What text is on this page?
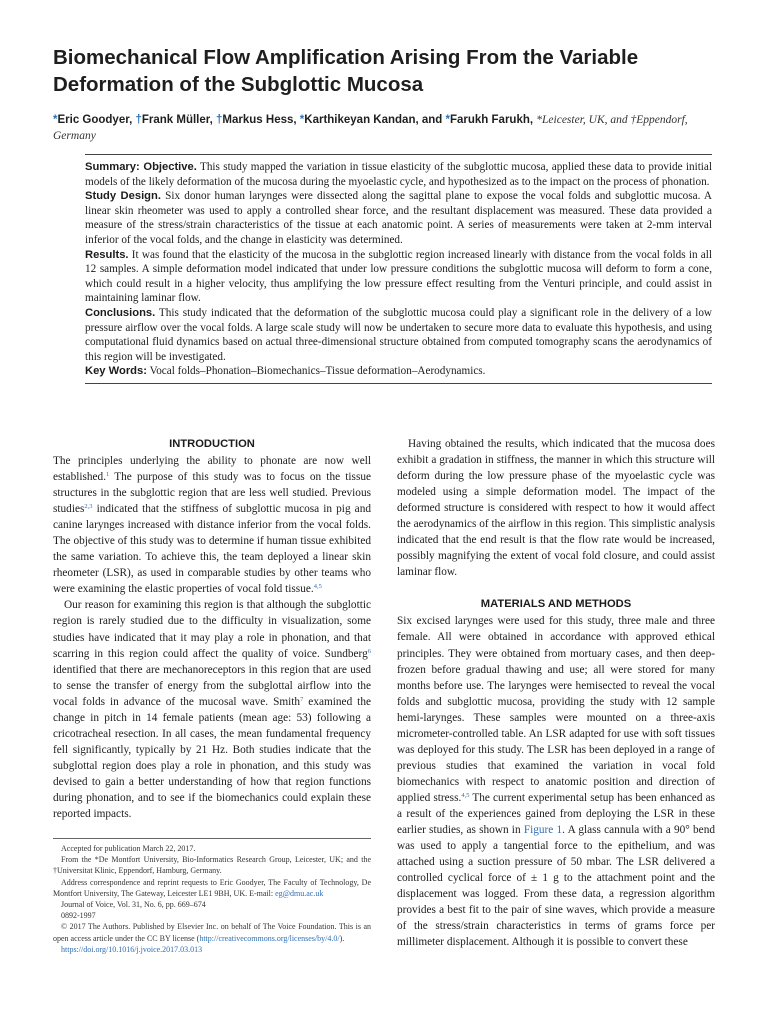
Biomechanical Flow Amplification Arising From the Variable Deformation of the Subglottic Mucosa
*Eric Goodyer, †Frank Müller, †Markus Hess, *Karthikeyan Kandan, and *Farukh Farukh, *Leicester, UK, and †Eppendorf, Germany

Summary: Objective. This study mapped the variation in tissue elasticity of the subglottic mucosa, applied these data to provide initial models of the likely deformation of the mucosa during the myoelastic cycle, and hypothesized as to the impact on the process of phonation.

Study Design. Six donor human larynges were dissected along the sagittal plane to expose the vocal folds and subglottic mucosa. A linear skin rheometer was used to apply a controlled shear force, and the resultant displacement was measured. These data provided a measure of the stress/strain characteristics of the tissue at each anatomic point. A series of measurements were taken at 2-mm interval inferior of the vocal folds, and the change in elasticity was determined.

Results. It was found that the elasticity of the mucosa in the subglottic region increased linearly with distance from the vocal folds in all 12 samples. A simple deformation model indicated that under low pressure conditions the subglottic mucosa will deform to form a cone, which could result in a higher velocity, thus amplifying the low pressure effect resulting from the Venturi principle, and could assist in maintaining laminar flow.

Conclusions. This study indicated that the deformation of the subglottic mucosa could play a significant role in the delivery of a low pressure airflow over the vocal folds. A large scale study will now be undertaken to secure more data to evaluate this hypothesis, and using computational fluid dynamics based on actual three-dimensional structure obtained from computed tomography scans the aerodynamics of this region will be investigated.

Key Words: Vocal folds–Phonation–Biomechanics–Tissue deformation–Aerodynamics.

INTRODUCTION

The principles underlying the ability to phonate are now well established.$^1$ The purpose of this study was to focus on the tissue structures in the subglottic region that are less well studied. Previous studies$^{2,3}$ indicated that the stiffness of subglottic mucosa in pig and canine larynges increased with distance inferior from the vocal folds. The objective of this study was to determine if human tissue exhibited the same variation. To achieve this, the team deployed a linear skin rheometer (LSR), as used in comparable studies by other teams who were examining the elastic properties of vocal fold tissue.$^{4,5}$

Our reason for examining this region is that although the subglottic region is rarely studied due to the difficulty in visualization, some studies have indicated that it may play a role in phonation, and that scarring in this region could affect the quality of voice. Sundberg$^6$ identified that there are mechanoreceptors in this region that are used to sense the transfer of energy from the subglottal airflow into the vocal folds in advance of the mucosal wave. Smith$^7$ examined the change in pitch in 14 female patients (mean age: 53) following a cricotracheal resection. In all cases, the mean fundamental frequency fell significantly, typically by 21 Hz. Both studies indicate that the subglottal region does play a role in phonation, and this study was devised to gain a better understanding of how that region functions during phonation, and to see if the biomechanics could explain these reported impacts.

Having obtained the results, which indicated that the mucosa does exhibit a gradation in stiffness, the manner in which this structure will deform during the low pressure phase of the myoelastic cycle was modeled using a simple deformation model. The impact of the deformed structure is considered with respect to how it would affect the aerodynamics of the airflow in this region. This simplistic analysis indicated that the end result is that the flow rate would be increased, possibly magnifying the extent of vocal fold closure, and could assist laminar flow.

MATERIALS AND METHODS

Six excised larynges were used for this study, three male and three female. All were obtained in accordance with approved ethical principles. They were obtained from mortuary cases, and then deep-frozen before gradual thawing and use; all were stored for many months before use. The larynges were hemisected to reveal the vocal folds and subglottic mucosa, providing the study with 12 sample hemi-larynges. These samples were mounted on a three-axis micrometer-controlled table. An LSR adapted for use with soft tissues was deployed for this study. The LSR has been deployed in a range of previous studies that examined the variation in vocal fold biomechanics with respect to anatomic position and direction of applied stress.$^{4,5}$ The current experimental setup has been enhanced as a result of the experiences gained from deploying the LSR in these earlier studies, as shown in Figure 1. A glass cannula with a 90° bend was used to apply a tangential force to the epithelium, and was attached using a suction pressure of 50 mbar. The LSR delivered a controlled cyclical force of ± 1 g to the attachment point and the displacement was logged. From these data, a regression algorithm provides a best fit to the pair of sine waves, which provide a measure of the stress/strain characteristics in terms of grams force per millimeter displacement. Although it is possible to convert these

Accepted for publication March 22, 2017.
From the *De Montfort University, Bio-Informatics Research Group, Leicester, UK; and the †Universitat Klinic, Eppendorf, Hamburg, Germany.
Address correspondence and reprint requests to Eric Goodyer, The Faculty of Technology, De Montfort University, The Gateway, Leicester LE1 9BH, UK. E-mail: eg@dmu.ac.uk
Journal of Voice, Vol. 31, No. 6, pp. 669–674
0892-1997
© 2017 The Authors. Published by Elsevier Inc. on behalf of The Voice Foundation. This is an open access article under the CC BY license (http://creativecommons.org/licenses/by/4.0/).
https://doi.org/10.1016/j.jvoice.2017.03.013
